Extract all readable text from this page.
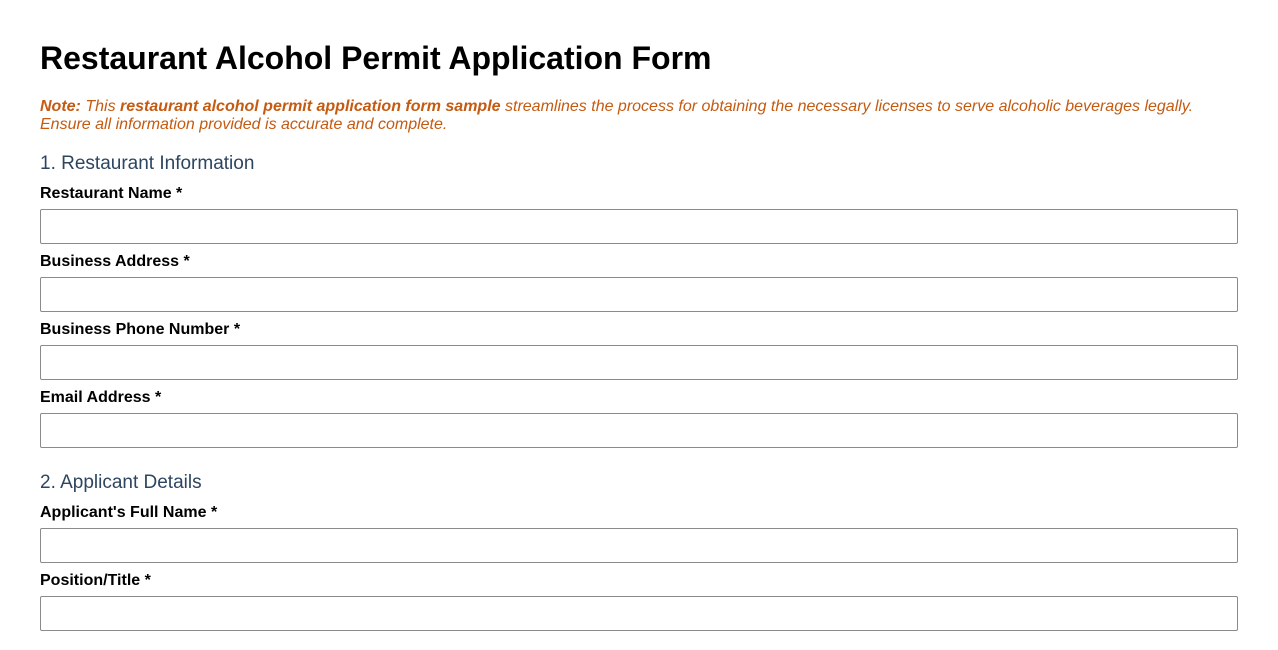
Restaurant Alcohol Permit Application Form
Note: This restaurant alcohol permit application form sample streamlines the process for obtaining the necessary licenses to serve alcoholic beverages legally.
Ensure all information provided is accurate and complete.
1. Restaurant Information
Restaurant Name *
Business Address *
Business Phone Number *
Email Address *
2. Applicant Details
Applicant's Full Name *
Position/Title *
